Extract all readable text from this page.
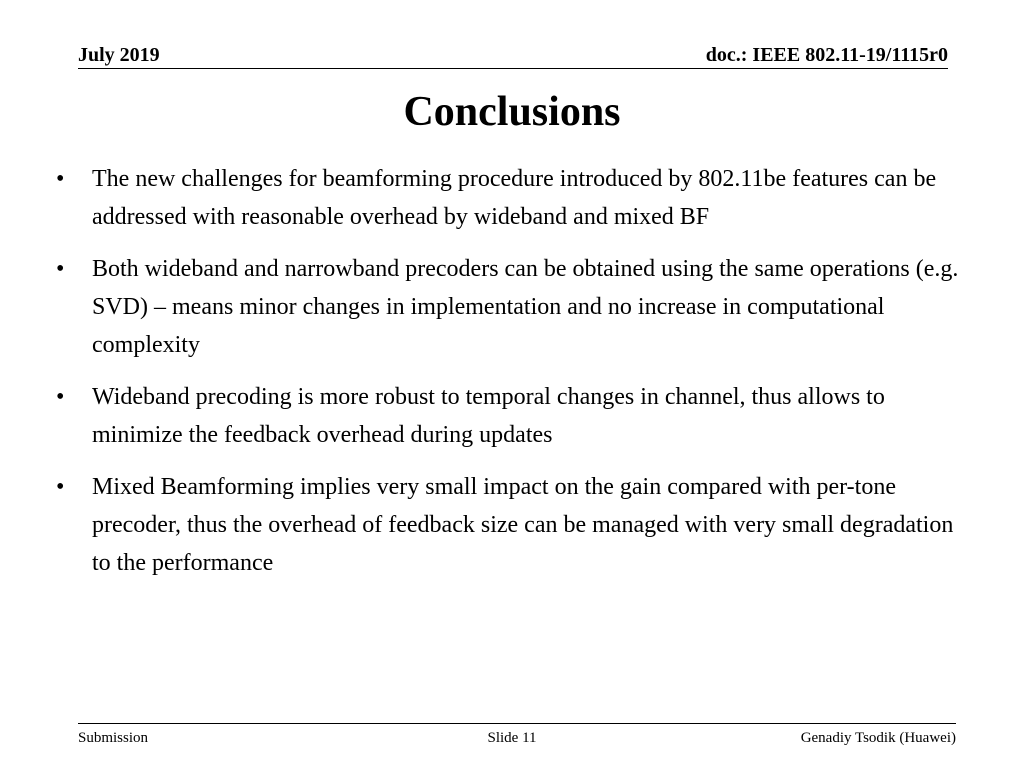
July 2019	doc.: IEEE 802.11-19/1115r0
Conclusions
•	The new challenges for beamforming procedure introduced by 802.11be features can be addressed with reasonable overhead by wideband and mixed BF
•	Both wideband and narrowband precoders can be obtained using the same operations (e.g. SVD) – means minor changes in implementation and no increase in computational complexity
•	Wideband precoding is more robust to temporal changes in channel, thus allows to minimize the feedback overhead during updates
•	Mixed Beamforming implies very small impact on the gain compared with per-tone precoder, thus the overhead of feedback size can be managed with very small degradation to the performance
Submission	Slide 11	Genadiy Tsodik (Huawei)
